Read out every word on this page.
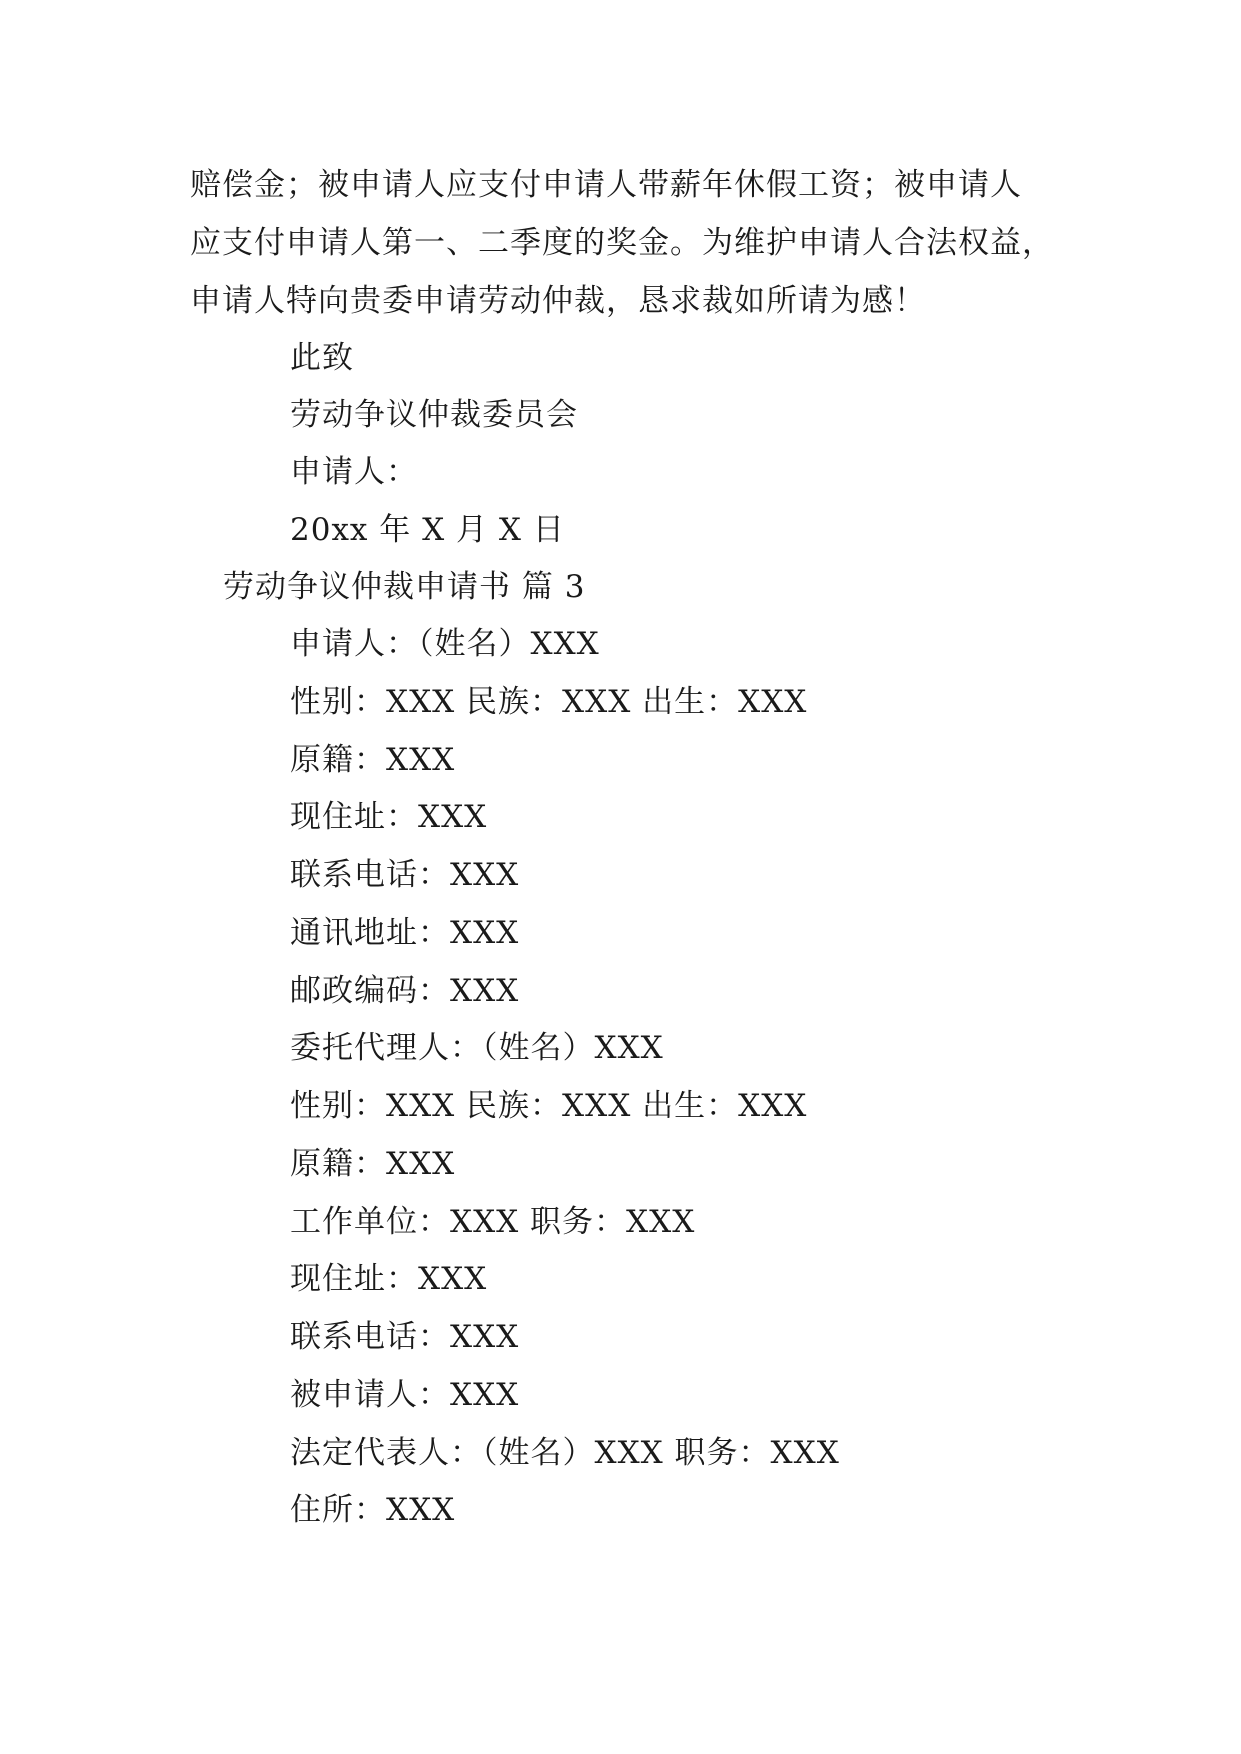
赔偿金；被申请人应支付申请人带薪年休假工资；被申请人
应支付申请人第一、二季度的奖金。为维护申请人合法权益，
申请人特向贵委申请劳动仲裁，恳求裁如所请为感！
此致
劳动争议仲裁委员会
申请人：
20xx 年 X 月 X 日
劳动争议仲裁申请书 篇 3
申请人：（姓名）XXX
性别：XXX 民族：XXX 出生：XXX
原籍：XXX
现住址：XXX
联系电话：XXX
通讯地址：XXX
邮政编码：XXX
委托代理人：（姓名）XXX
性别：XXX 民族：XXX 出生：XXX
原籍：XXX
工作单位：XXX 职务：XXX
现住址：XXX
联系电话：XXX
被申请人：XXX
法定代表人：（姓名）XXX 职务：XXX
住所：XXX
